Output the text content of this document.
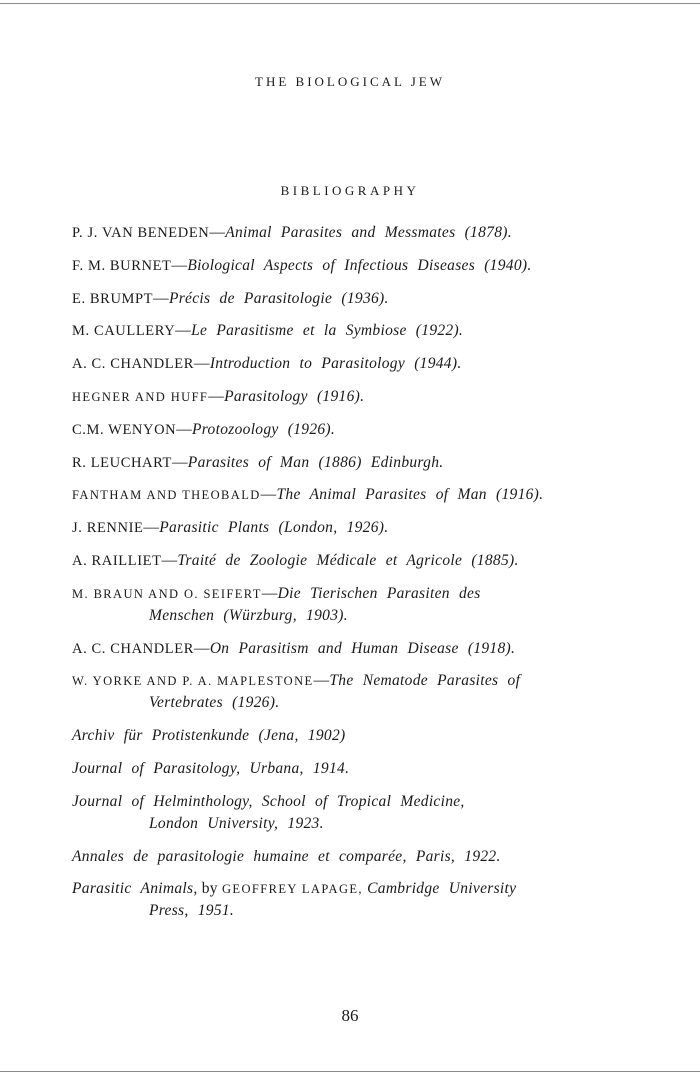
THE BIOLOGICAL JEW
BIBLIOGRAPHY
P. J. VAN BENEDEN—Animal Parasites and Messmates (1878).
F. M. BURNET—Biological Aspects of Infectious Diseases (1940).
E. BRUMPT—Précis de Parasitologie (1936).
M. CAULLERY—Le Parasitisme et la Symbiose (1922).
A. C. CHANDLER—Introduction to Parasitology (1944).
HEGNER AND HUFF—Parasitology (1916).
C.M. WENYON—Protozoology (1926).
R. LEUCHART—Parasites of Man (1886) Edinburgh.
FANTHAM AND THEOBALD—The Animal Parasites of Man (1916).
J. RENNIE—Parasitic Plants (London, 1926).
A. RAILLIET—Traité de Zoologie Médicale et Agricole (1885).
M. BRAUN AND O. SEIFERT—Die Tierischen Parasiten des
Menschen (Würzburg, 1903).
A. C. CHANDLER—On Parasitism and Human Disease (1918).
W. YORKE AND P. A. MAPLESTONE—The Nematode Parasites of
Vertebrates (1926).
Archiv für Protistenkunde (Jena, 1902)
Journal of Parasitology, Urbana, 1914.
Journal of Helminthology, School of Tropical Medicine,
London University, 1923.
Annales de parasitologie humaine et comparée, Paris, 1922.
Parasitic Animals, by GEOFFREY LAPAGE, Cambridge University
Press, 1951.
86
